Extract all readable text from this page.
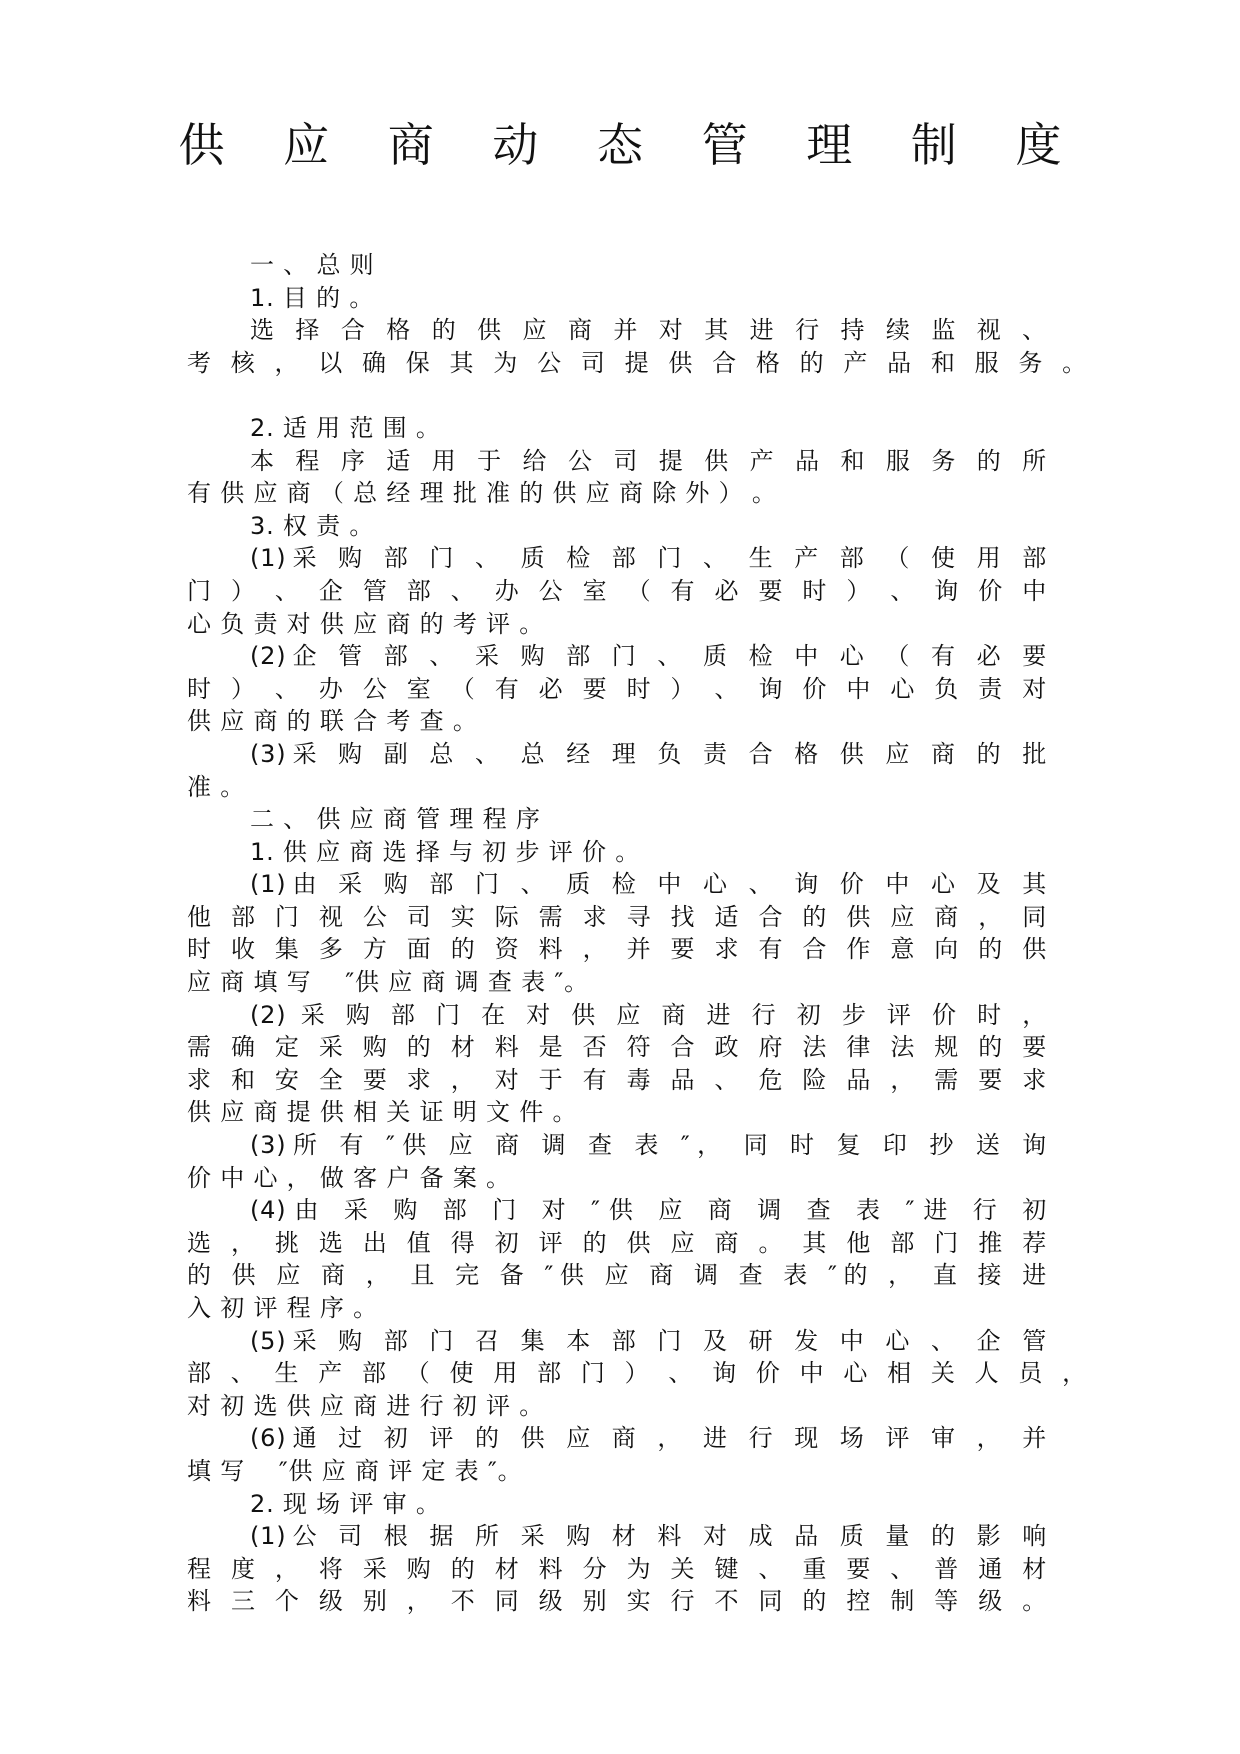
供 应 商 动 态 管 理 制 度
一 、 总 则
1. 目 的 。
选 择 合 格 的 供 应 商 并 对 其 进 行 持 续 监 视 、
考 核 ， 以 确 保 其 为 公 司 提 供 合 格 的 产 品 和 服 务 。
2. 适 用 范 围 。
本 程 序 适 用 于 给 公 司 提 供 产 品 和 服 务 的 所
有 供 应 商 （ 总 经 理 批 准 的 供 应 商 除 外 ） 。
3. 权 责 。
(1)采 购 部 门 、 质 检 部 门 、 生 产 部 （ 使 用 部
门 ） 、 企 管 部 、 办 公 室 （ 有 必 要 时 ） 、 询 价 中
心 负 责 对 供 应 商 的 考 评 。
(2)企 管 部 、 采 购 部 门 、 质 检 中 心 （ 有 必 要
时 ） 、 办 公 室 （ 有 必 要 时 ） 、 询 价 中 心 负 责 对
供 应 商 的 联 合 考 查 。
(3)采 购 副 总 、 总 经 理 负 责 合 格 供 应 商 的 批
准 。
二 、 供 应 商 管 理 程 序
1. 供 应 商 选 择 与 初 步 评 价 。
(1)由 采 购 部 门 、 质 检 中 心 、 询 价 中 心 及 其
他 部 门 视 公 司 实 际 需 求 寻 找 适 合 的 供 应 商 ， 同
时 收 集 多 方 面 的 资 料 ， 并 要 求 有 合 作 意 向 的 供
应 商 填 写    ″供 应 商 调 查 表 ″。
(2) 采 购 部 门 在 对 供 应 商 进 行 初 步 评 价 时 ，
需 确 定 采 购 的 材 料 是 否 符 合 政 府 法 律 法 规 的 要
求 和 安 全 要 求 ， 对 于 有 毒 品 、 危 险 品 ， 需 要 求
供 应 商 提 供 相 关 证 明 文 件 。
(3)所 有 ″供 应 商 调 查 表 ″， 同 时 复 印 抄 送 询
价 中 心 ， 做 客 户 备 案 。
(4)由 采 购 部 门 对 ″供 应 商 调 查 表 ″进 行 初
选 ， 挑 选 出 值 得 初 评 的 供 应 商 。 其 他 部 门 推 荐
的 供 应 商 ， 且 完 备 ″供 应 商 调 查 表 ″的 ， 直 接 进
入 初 评 程 序 。
(5)采 购 部 门 召 集 本 部 门 及 研 发 中 心 、 企 管
部 、 生 产 部 （ 使 用 部 门 ） 、 询 价 中 心 相 关 人 员 ，
对 初 选 供 应 商 进 行 初 评 。
(6)通 过 初 评 的 供 应 商 ， 进 行 现 场 评 审 ， 并
填 写    ″供 应 商 评 定 表 ″。
2. 现 场 评 审 。
(1)公 司 根 据 所 采 购 材 料 对 成 品 质 量 的 影 响
程 度 ， 将 采 购 的 材 料 分 为 关 键 、 重 要 、 普 通 材
料 三 个 级 别 ， 不 同 级 别 实 行 不 同 的 控 制 等 级 。
